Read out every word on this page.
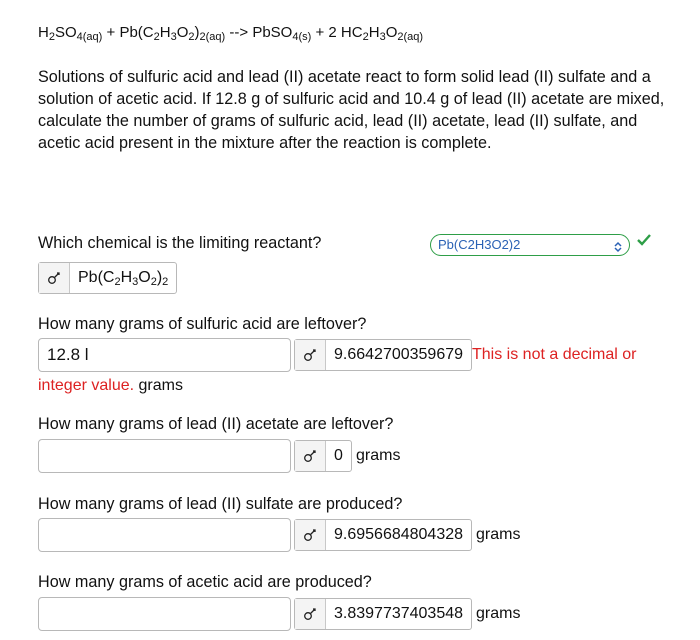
$H_2SO_{4(aq)} + Pb(C_2H_3O_2)_{2(aq)}$ --> PbSO$_{4(s)}$ + 2 $HC_2H_3O_{2(aq)}$
Solutions of sulfuric acid and lead (II) acetate react to form solid lead (II) sulfate and a solution of acetic acid. If 12.8 g of sulfuric acid and 10.4 g of lead (II) acetate are mixed, calculate the number of grams of sulfuric acid, lead (II) acetate, lead (II) sulfate, and acetic acid present in the mixture after the reaction is complete.
Which chemical is the limiting reactant?	Pb(C2H3O2)2
$Pb(C_2H_3O_2)_2$
How many grams of sulfuric acid are leftover?
12.8 l	9.6642700359679 This is not a decimal or
integer value. grams
How many grams of lead (II) acetate are leftover?
0 grams
How many grams of lead (II) sulfate are produced?
9.6956684804328 grams
How many grams of acetic acid are produced?
3.8397737403548 grams
